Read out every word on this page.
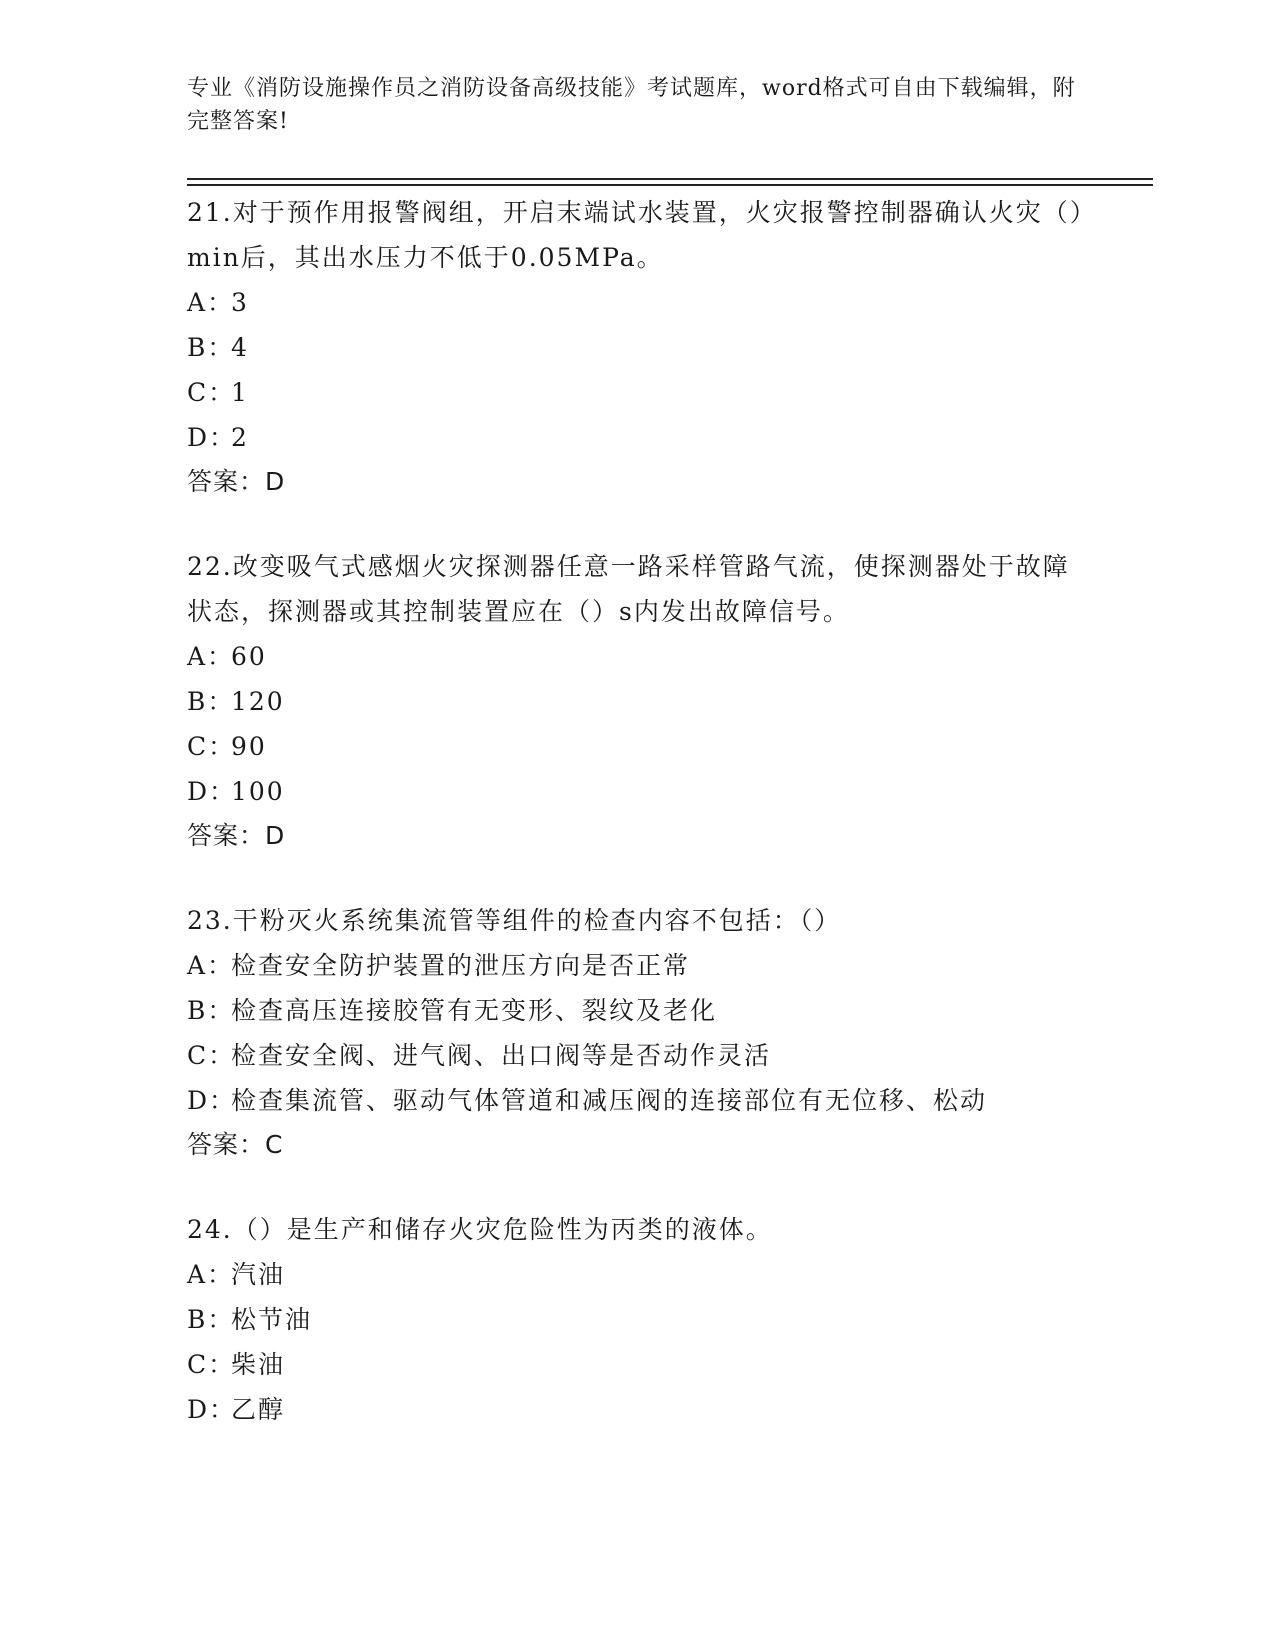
专业《消防设施操作员之消防设备高级技能》考试题库，word格式可自由下载编辑，附完整答案!

21.对于预作用报警阀组，开启末端试水装置，火灾报警控制器确认火灾（）min后，其出水压力不低于0.05MPa。

A：3

B：4

C：1

D：2

答案：D

22.改变吸气式感烟火灾探测器任意一路采样管路气流，使探测器处于故障状态，探测器或其控制装置应在（）s内发出故障信号。

A：60

B：120

C：90

D：100

答案：D

23.干粉灭火系统集流管等组件的检查内容不包括：（）

A：检查安全防护装置的泄压方向是否正常

B：检查高压连接胶管有无变形、裂纹及老化

C：检查安全阀、进气阀、出口阀等是否动作灵活

D：检查集流管、驱动气体管道和减压阀的连接部位有无位移、松动

答案：C

24.（）是生产和储存火灾危险性为丙类的液体。

A：汽油

B：松节油

C：柴油

D：乙醇
